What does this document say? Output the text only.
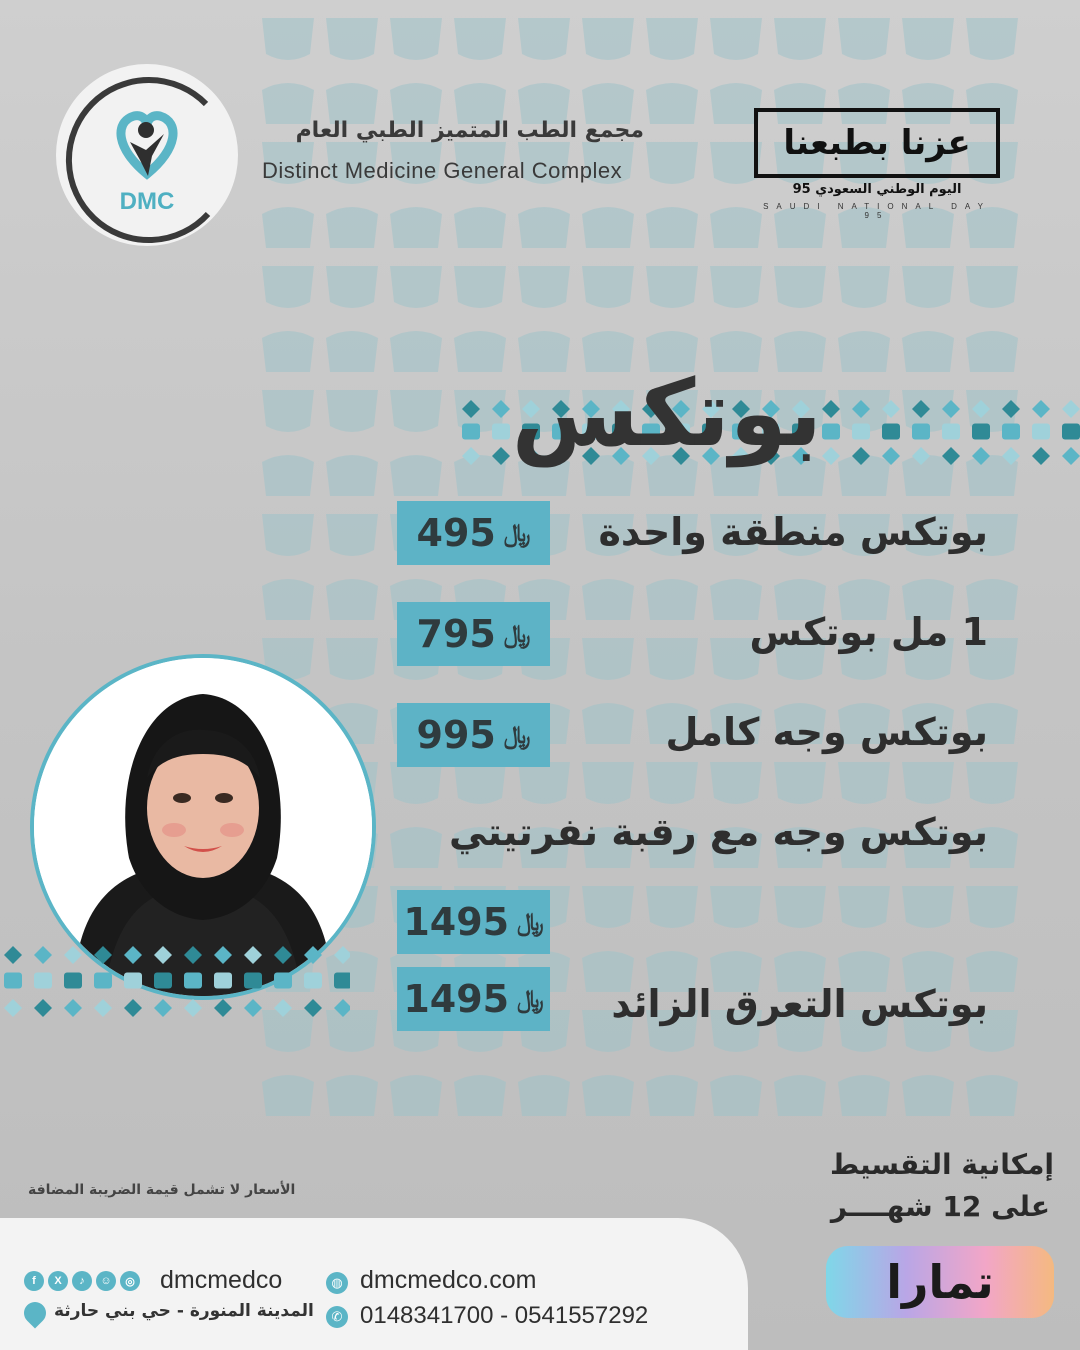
DMC
مجمع الطب المتميز الطبي العام
Distinct Medicine General Complex
عزنا بطبعنا
اليوم الوطني السعودي 95
SAUDI NATIONAL DAY 95
بوتكس
بوتكس منطقة واحدة
495 ﷼
1 مل بوتكس
795 ﷼
بوتكس وجه كامل
995 ﷼
بوتكس وجه مع رقبة نفرتيتي
1495 ﷼
بوتكس التعرق الزائد
1495 ﷼
الأسعار لا تشمل قيمة الضريبة المضافة
إمكانية التقسيط
على 12 شهــــر
تمارا
f	X	♪	☺	◎ dmcmedco
المدينة المنورة - حي بني حارثة
◍ dmcmedco.com
✆ 0148341700 - 0541557292
